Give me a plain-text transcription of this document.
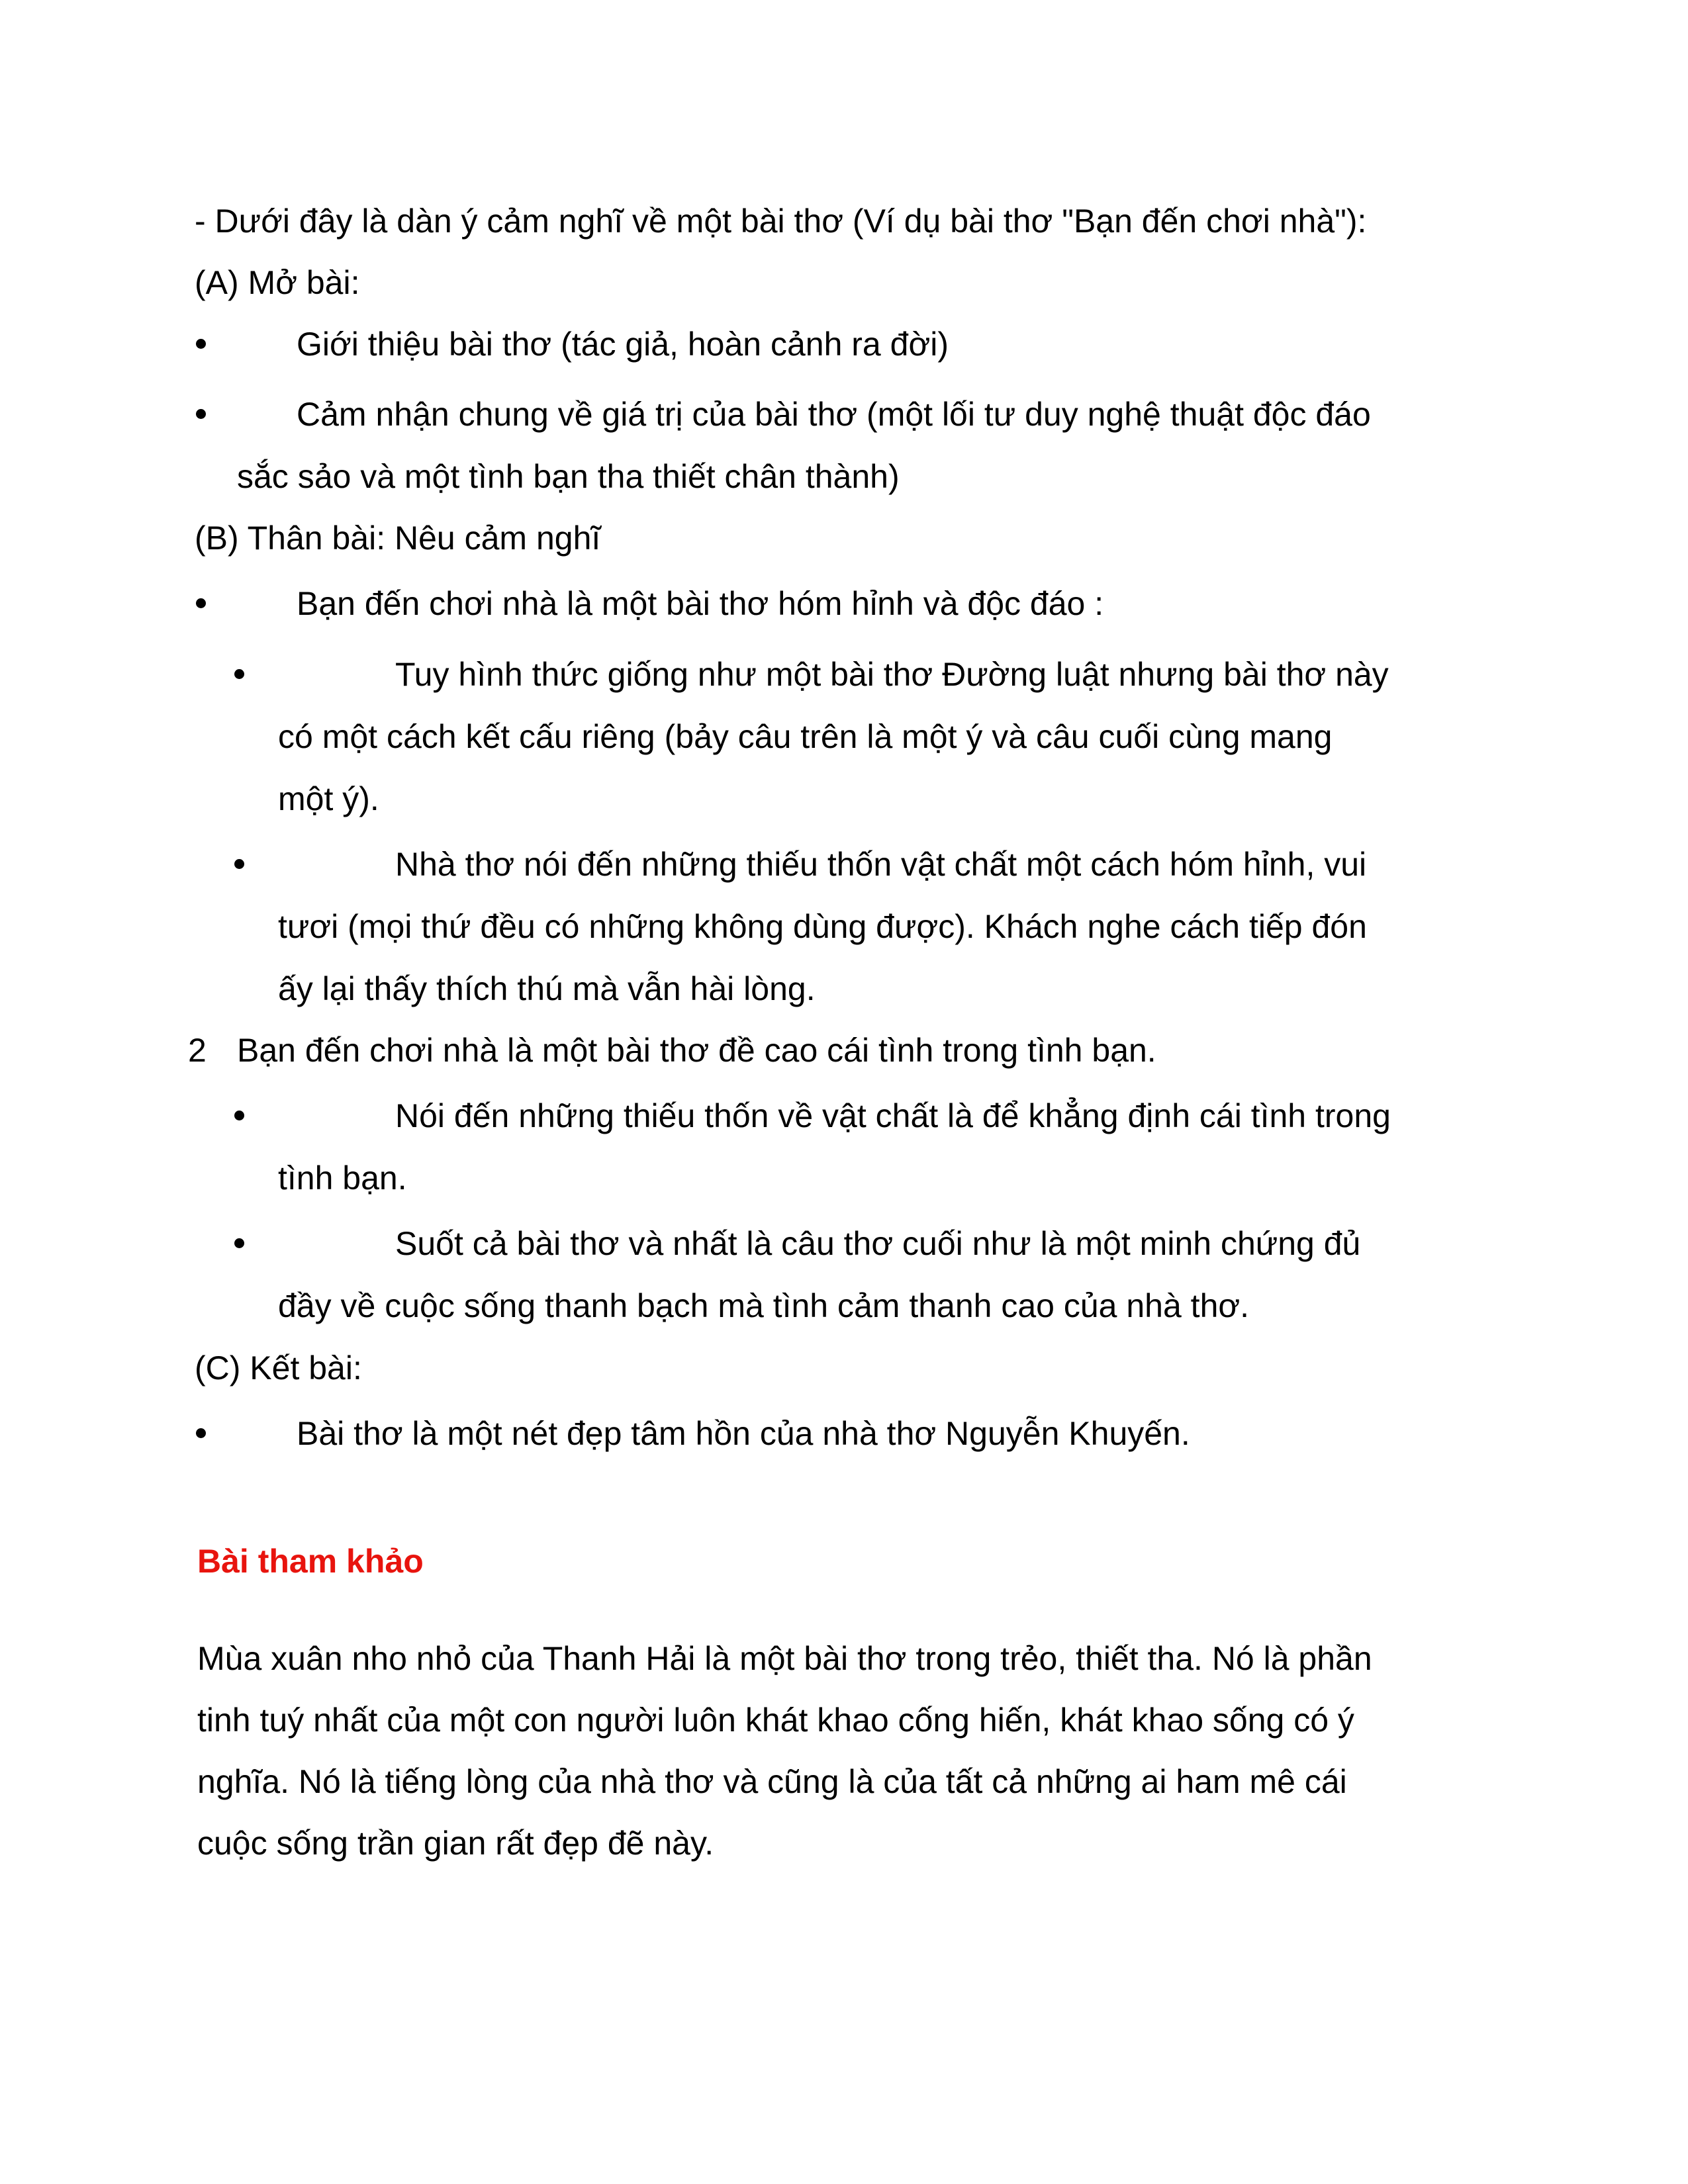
- Dưới đây là dàn ý cảm nghĩ về một bài thơ (Ví dụ bài thơ "Bạn đến chơi nhà"):
(A) Mở bài:
Giới thiệu bài thơ (tác giả, hoàn cảnh ra đời)
Cảm nhận chung về giá trị của bài thơ (một lối tư duy nghệ thuật độc đáo
sắc sảo và một tình bạn tha thiết chân thành)
(B) Thân bài: Nêu cảm nghĩ
Bạn đến chơi nhà là một bài thơ hóm hỉnh và độc đáo :
Tuy hình thức giống như một bài thơ Đường luật nhưng bài thơ này
có một cách kết cấu riêng (bảy câu trên là một ý và câu cuối cùng mang
một ý).
Nhà thơ nói đến những thiếu thốn vật chất một cách hóm hỉnh, vui
tươi (mọi thứ đều có những không dùng được). Khách nghe cách tiếp đón
ấy lại thấy thích thú mà vẫn hài lòng.
2 Bạn đến chơi nhà là một bài thơ đề cao cái tình trong tình bạn.
Nói đến những thiếu thốn về vật chất là để khẳng định cái tình trong
tình bạn.
Suốt cả bài thơ và nhất là câu thơ cuối như là một minh chứng đủ
đầy về cuộc sống thanh bạch mà tình cảm thanh cao của nhà thơ.
(C) Kết bài:
Bài thơ là một nét đẹp tâm hồn của nhà thơ Nguyễn Khuyến.
Bài tham khảo
Mùa xuân nho nhỏ của Thanh Hải là một bài thơ trong trẻo, thiết tha. Nó là phần
tinh tuý nhất của một con người luôn khát khao cống hiến, khát khao sống có ý
nghĩa. Nó là tiếng lòng của nhà thơ và cũng là của tất cả những ai ham mê cái
cuộc sống trần gian rất đẹp đẽ này.
